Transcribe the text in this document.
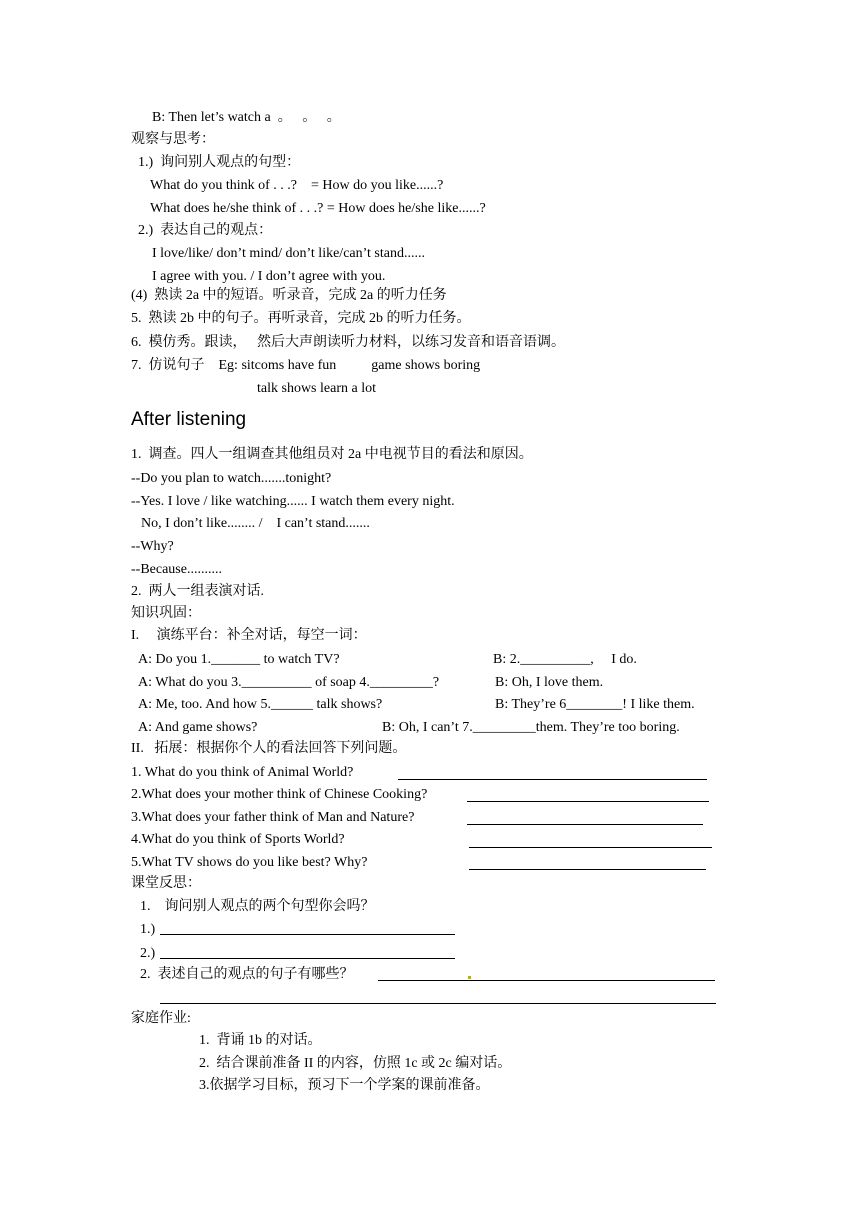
B: Then let’s watch a  。   。   。
观察与思考：
1.)  询问别人观点的句型：
What do you think of . . .?    = How do you like......?
What does he/she think of . . .? = How does he/she like......?
2.)  表达自己的观点：
I love/like/ don’t mind/ don’t like/can’t stand......
I agree with you. / I don’t agree with you.
(4)  熟读 2a 中的短语。听录音，完成 2a 的听力任务
5.  熟读 2b 中的句子。再听录音，完成 2b 的听力任务。
6.  模仿秀。跟读，   然后大声朗读听力材料，以练习发音和语音语调。
7.  仿说句子    Eg: sitcoms have fun          game shows boring
talk shows learn a lot
After listening
1.  调查。四人一组调查其他组员对 2a 中电视节目的看法和原因。
--Do you plan to watch.......tonight?
--Yes. I love / like watching...... I watch them every night.
No, I don’t like........ /    I can’t stand.......
--Why?
--Because..........
2.  两人一组表演对话.
知识巩固：
I.     演练平台：补全对话，每空一词：
A: Do you 1._______ to watch TV?	B: 2.__________,     I do.
A: What do you 3.__________ of soap 4._________?	B: Oh, I love them.
A: Me, too. And how 5.______ talk shows?	B: They’re 6________! I like them.
A: And game shows?	B: Oh, I can’t 7._________them. They’re too boring.
II.   拓展：根据你个人的看法回答下列问题。
1. What do you think of Animal World?
2.What does your mother think of Chinese Cooking?
3.What does your father think of Man and Nature?
4.What do you think of Sports World?
5.What TV shows do you like best? Why?
课堂反思：
1.    询问别人观点的两个句型你会吗？
1.)
2.)
2.  表述自己的观点的句子有哪些？
家庭作业:
1.  背诵 1b 的对话。
2.  结合课前准备 II 的内容，仿照 1c 或 2c 编对话。
3.依据学习目标，预习下一个学案的课前准备。
